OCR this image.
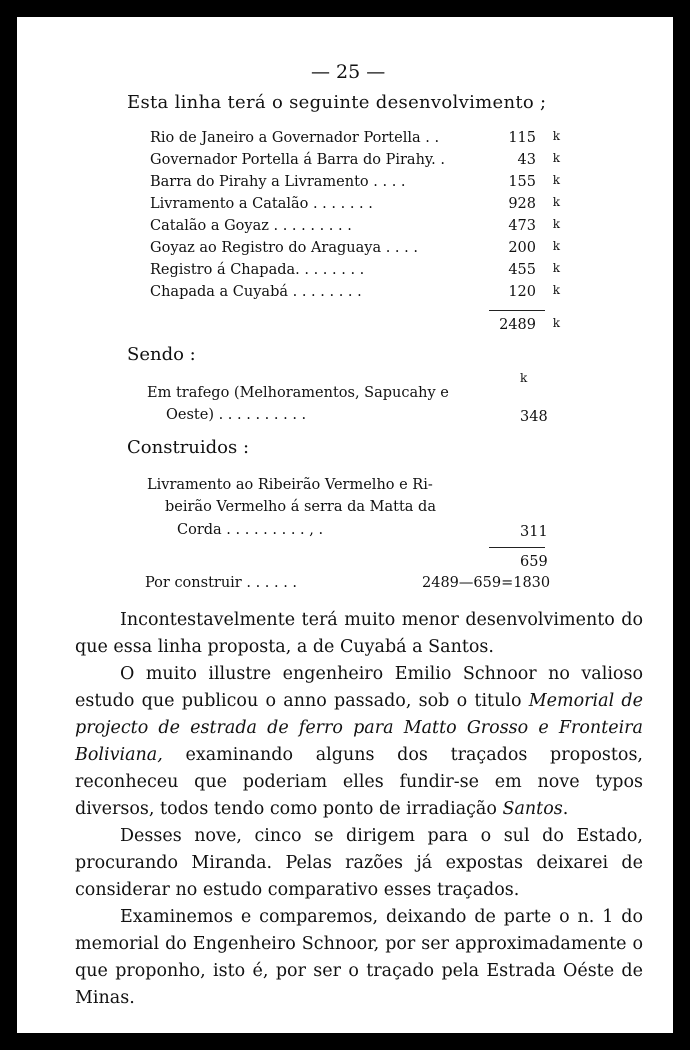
— 25 —
Esta linha terá o seguinte desenvolvimento ;
Rio de Janeiro a Governador Portella . .	115 k
Governador Portella á Barra do Pirahy. .	43 k
Barra do Pirahy a Livramento . . . .	155 k
Livramento a Catalão . . . . . . .	928 k
Catalão a Goyaz . . . . . . . . .	473 k
Goyaz ao Registro do Araguaya . . . .	200 k
Registro á Chapada. . . . . . . .	455 k
Chapada a Cuyabá . . . . . . . .	120 k
2489 k
Sendo :
k
Em trafego (Melhoramentos, Sapucahy e
Oeste) . . . . . . . . . .	348
Construidos :
Livramento ao Ribeirão Vermelho e Ri-
beirão Vermelho á serra da Matta da
Corda . . . . . . . . . , .	311
659
Por construir . . . . . .	2489—659=1830

Incontestavelmente terá muito menor desenvolvimento do que essa linha proposta, a de Cuyabá a Santos.

O muito illustre engenheiro Emilio Schnoor no valioso estudo que publicou o anno passado, sob o titulo Memorial de projecto de estrada de ferro para Matto Grosso e Fronteira Boliviana, examinando alguns dos traçados propostos, reconheceu que poderiam elles fundir-se em nove typos diversos, todos tendo como ponto de irradiação Santos.

Desses nove, cinco se dirigem para o sul do Estado, procurando Miranda. Pelas razões já expostas deixarei de considerar no estudo comparativo esses traçados.

Examinemos e comparemos, deixando de parte o n. 1 do memorial do Engenheiro Schnoor, por ser approximadamente o que proponho, isto é, por ser o traçado pela Estrada Oéste de Minas.
